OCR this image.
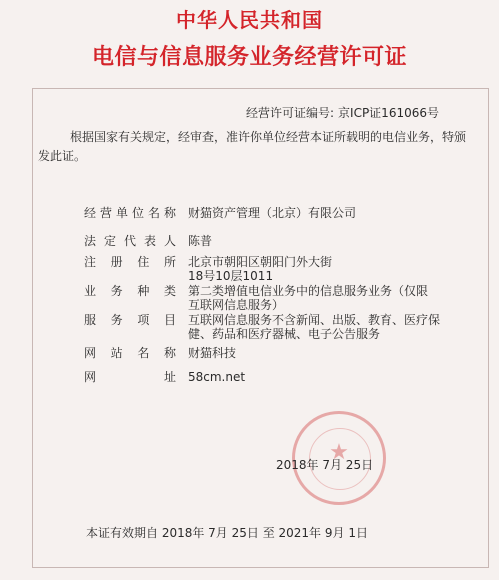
中华人民共和国
电信与信息服务业务经营许可证
经营许可证编号: 京ICP证161066号
根据国家有关规定，经审查，准许你单位经营本证所载明的电信业务，特颁发此证。
经营单位名称 财猫资产管理（北京）有限公司
法定代表人 陈普
注册住所 北京市朝阳区朝阳门外大街18号10层1011
业务种类 第二类增值电信业务中的信息服务业务（仅限互联网信息服务）
服务项目 互联网信息服务不含新闻、出版、教育、医疗保健、药品和医疗器械、电子公告服务
网站名称 财猫科技
网址 58cm.net
★
2018年 7月 25日
本证有效期自 2018年 7月 25日 至 2021年 9月 1日
